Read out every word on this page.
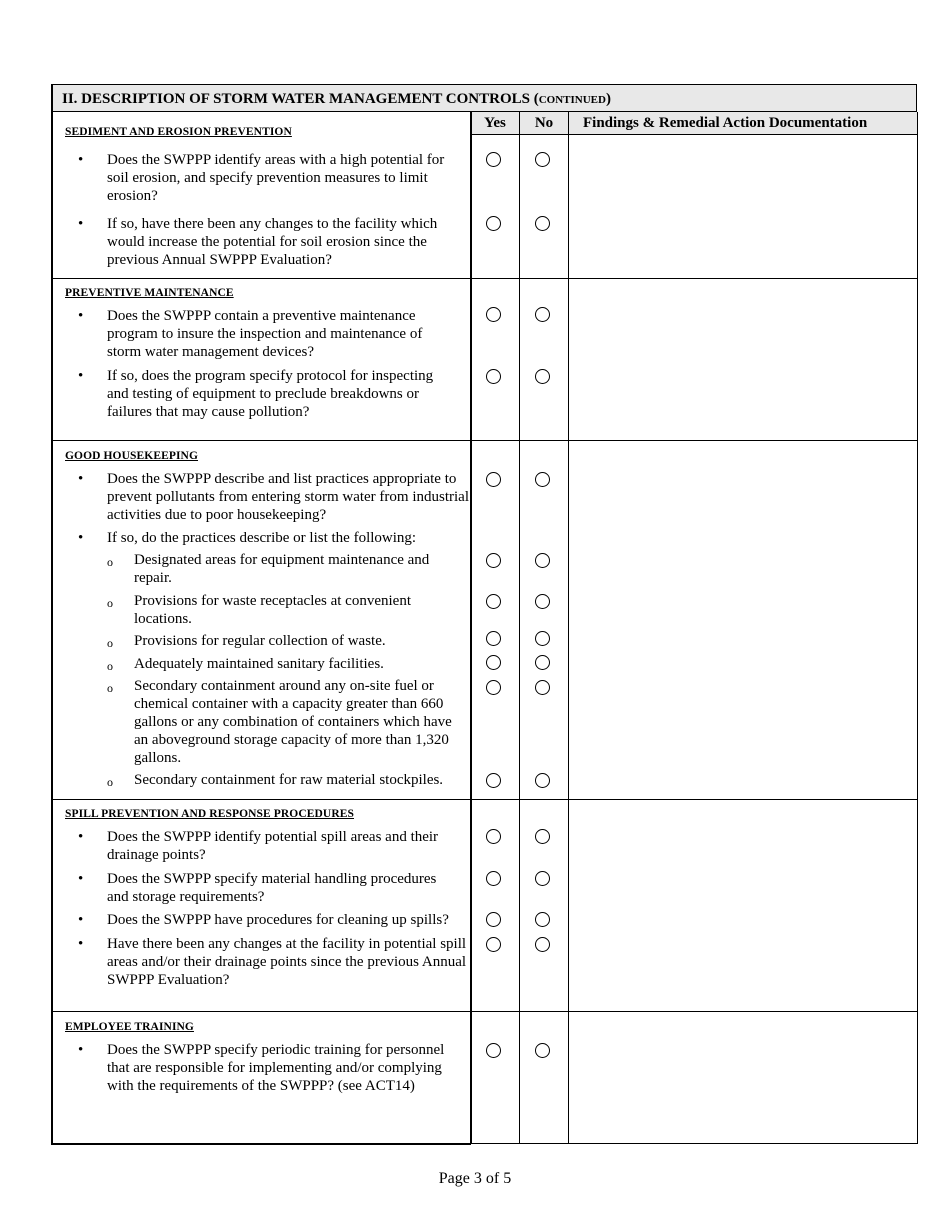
II. DESCRIPTION OF STORM WATER MANAGEMENT CONTROLS (CONTINUED)
Yes	No	Findings & Remedial Action Documentation
SEDIMENT AND EROSION PREVENTION
• Does the SWPPP identify areas with a high potential for soil erosion, and specify prevention measures to limit erosion?
• If so, have there been any changes to the facility which would increase the potential for soil erosion since the previous Annual SWPPP Evaluation?
PREVENTIVE MAINTENANCE
• Does the SWPPP contain a preventive maintenance program to insure the inspection and maintenance of storm water management devices?
• If so, does the program specify protocol for inspecting and testing of equipment to preclude breakdowns or failures that may cause pollution?
GOOD HOUSEKEEPING
• Does the SWPPP describe and list practices appropriate to prevent pollutants from entering storm water from industrial activities due to poor housekeeping?
• If so, do the practices describe or list the following:
o Designated areas for equipment maintenance and repair.
o Provisions for waste receptacles at convenient locations.
o Provisions for regular collection of waste.
o Adequately maintained sanitary facilities.
o Secondary containment around any on-site fuel or chemical container with a capacity greater than 660 gallons or any combination of containers which have an aboveground storage capacity of more than 1,320 gallons.
o Secondary containment for raw material stockpiles.
SPILL PREVENTION AND RESPONSE PROCEDURES
• Does the SWPPP identify potential spill areas and their drainage points?
• Does the SWPPP specify material handling procedures and storage requirements?
• Does the SWPPP have procedures for cleaning up spills?
• Have there been any changes at the facility in potential spill areas and/or their drainage points since the previous Annual SWPPP Evaluation?
EMPLOYEE TRAINING
• Does the SWPPP specify periodic training for personnel that are responsible for implementing and/or complying with the requirements of the SWPPP? (see ACT14)
Page 3 of 5
